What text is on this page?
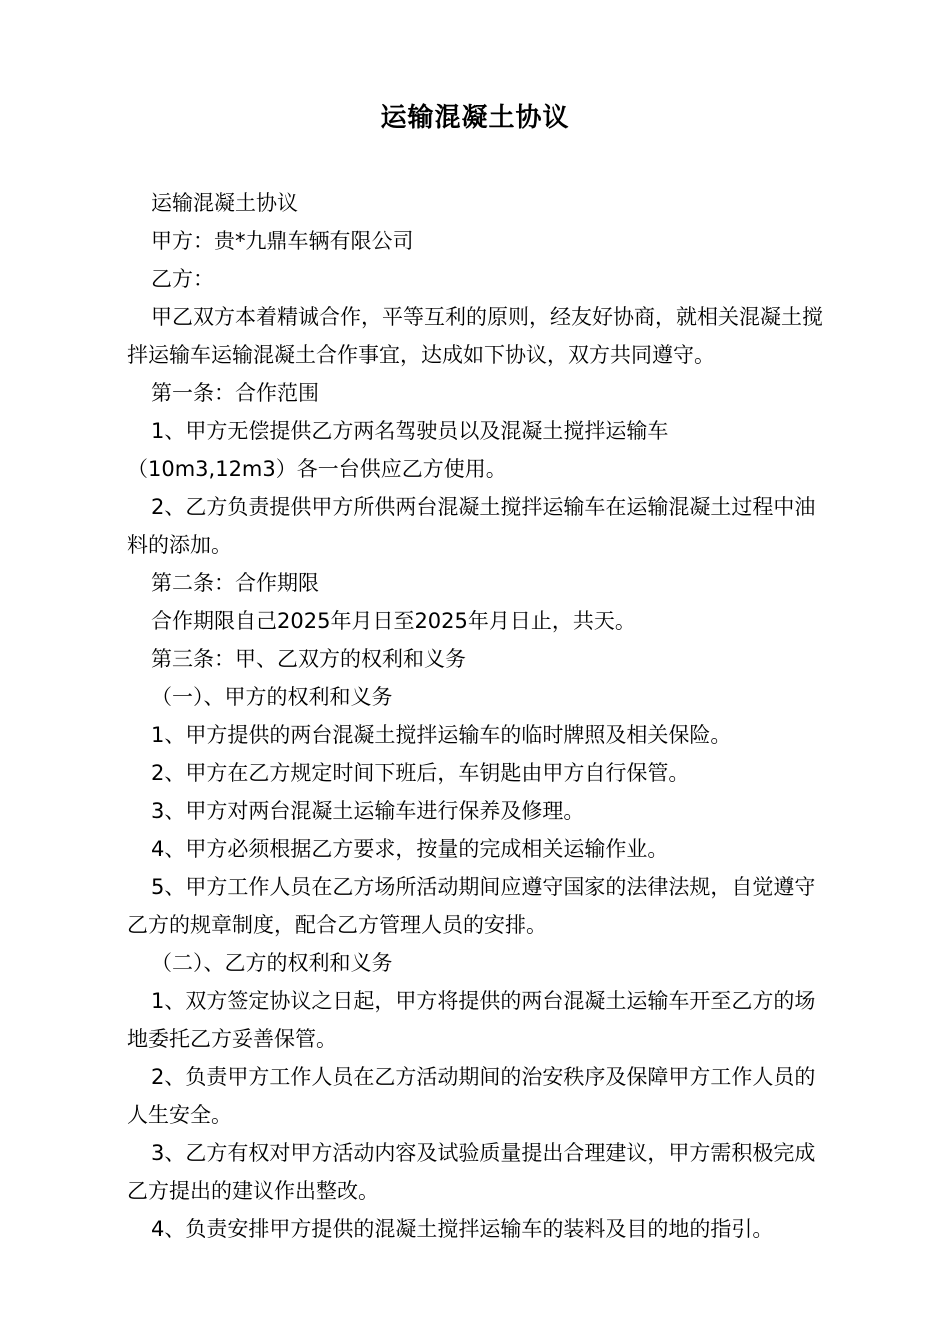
运输混凝土协议

运输混凝土协议

甲方：贵*九鼎车辆有限公司

乙方：

甲乙双方本着精诚合作，平等互利的原则，经友好协商，就相关混凝土搅拌运输车运输混凝土合作事宜，达成如下协议，双方共同遵守。

第一条：合作范围

1、甲方无偿提供乙方两名驾驶员以及混凝土搅拌运输车

（10m3,12m3）各一台供应乙方使用。

2、乙方负责提供甲方所供两台混凝土搅拌运输车在运输混凝土过程中油料的添加。

第二条：合作期限

合作期限自己2025年月日至2025年月日止，共天。

第三条：甲、乙双方的权利和义务

（一）、甲方的权利和义务

1、甲方提供的两台混凝土搅拌运输车的临时牌照及相关保险。

2、甲方在乙方规定时间下班后，车钥匙由甲方自行保管。

3、甲方对两台混凝土运输车进行保养及修理。

4、甲方必须根据乙方要求，按量的完成相关运输作业。

5、甲方工作人员在乙方场所活动期间应遵守国家的法律法规，自觉遵守乙方的规章制度，配合乙方管理人员的安排。

（二）、乙方的权利和义务

1、双方签定协议之日起，甲方将提供的两台混凝土运输车开至乙方的场地委托乙方妥善保管。

2、负责甲方工作人员在乙方活动期间的治安秩序及保障甲方工作人员的人生安全。

3、乙方有权对甲方活动内容及试验质量提出合理建议，甲方需积极完成乙方提出的建议作出整改。

4、负责安排甲方提供的混凝土搅拌运输车的装料及目的地的指引。
